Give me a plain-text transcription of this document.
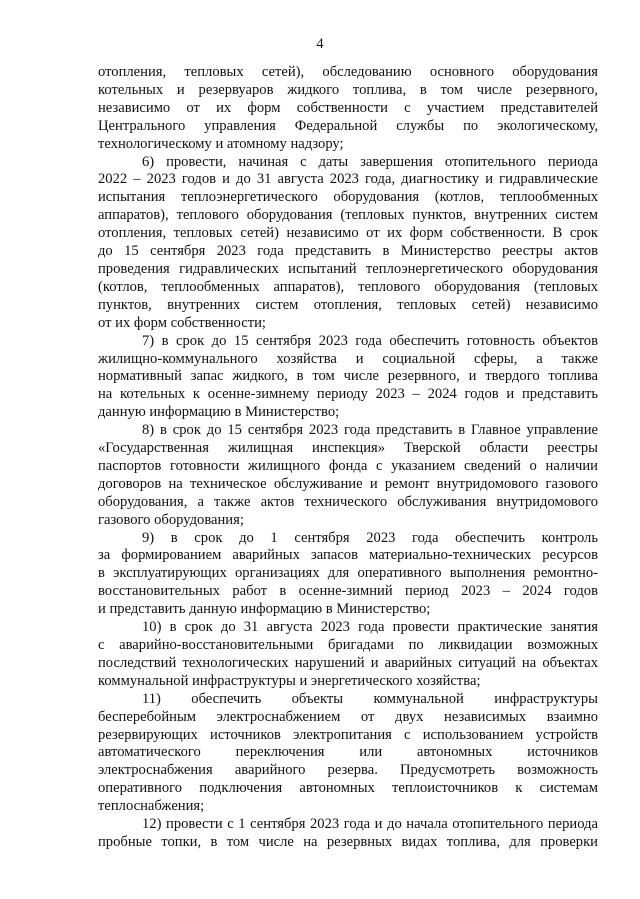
4

отопления, тепловых сетей), обследованию основного оборудования
котельных и резервуаров жидкого топлива, в том числе резервного,
независимо от их форм собственности с участием представителей
Центрального управления Федеральной службы по экологическому,
технологическому и атомному надзору;

6) провести, начиная с даты завершения отопительного периода
2022 – 2023 годов и до 31 августа 2023 года, диагностику и гидравлические
испытания теплоэнергетического оборудования (котлов, теплообменных
аппаратов), теплового оборудования (тепловых пунктов, внутренних систем
отопления, тепловых сетей) независимо от их форм собственности. В срок
до 15 сентября 2023 года представить в Министерство реестры актов
проведения гидравлических испытаний теплоэнергетического оборудования
(котлов, теплообменных аппаратов), теплового оборудования (тепловых
пунктов, внутренних систем отопления, тепловых сетей) независимо
от их форм собственности;

7) в срок до 15 сентября 2023 года обеспечить готовность объектов
жилищно-коммунального хозяйства и социальной сферы, а также
нормативный запас жидкого, в том числе резервного, и твердого топлива
на котельных к осенне-зимнему периоду 2023 – 2024 годов и представить
данную информацию в Министерство;

8) в срок до 15 сентября 2023 года представить в Главное управление
«Государственная жилищная инспекция» Тверской области реестры
паспортов готовности жилищного фонда с указанием сведений о наличии
договоров на техническое обслуживание и ремонт внутридомового газового
оборудования, а также актов технического обслуживания внутридомового
газового оборудования;

9) в срок до 1 сентября 2023 года обеспечить контроль
за формированием аварийных запасов материально-технических ресурсов
в эксплуатирующих организациях для оперативного выполнения ремонтно-
восстановительных работ в осенне-зимний период 2023 – 2024 годов
и представить данную информацию в Министерство;

10) в срок до 31 августа 2023 года провести практические занятия
с аварийно-восстановительными бригадами по ликвидации возможных
последствий технологических нарушений и аварийных ситуаций на объектах
коммунальной инфраструктуры и энергетического хозяйства;

11) обеспечить объекты коммунальной инфраструктуры
бесперебойным электроснабжением от двух независимых взаимно
резервирующих источников электропитания с использованием устройств
автоматического переключения или автономных источников
электроснабжения аварийного резерва. Предусмотреть возможность
оперативного подключения автономных теплоисточников к системам
теплоснабжения;

12) провести с 1 сентября 2023 года и до начала отопительного периода
пробные топки, в том числе на резервных видах топлива, для проверки
